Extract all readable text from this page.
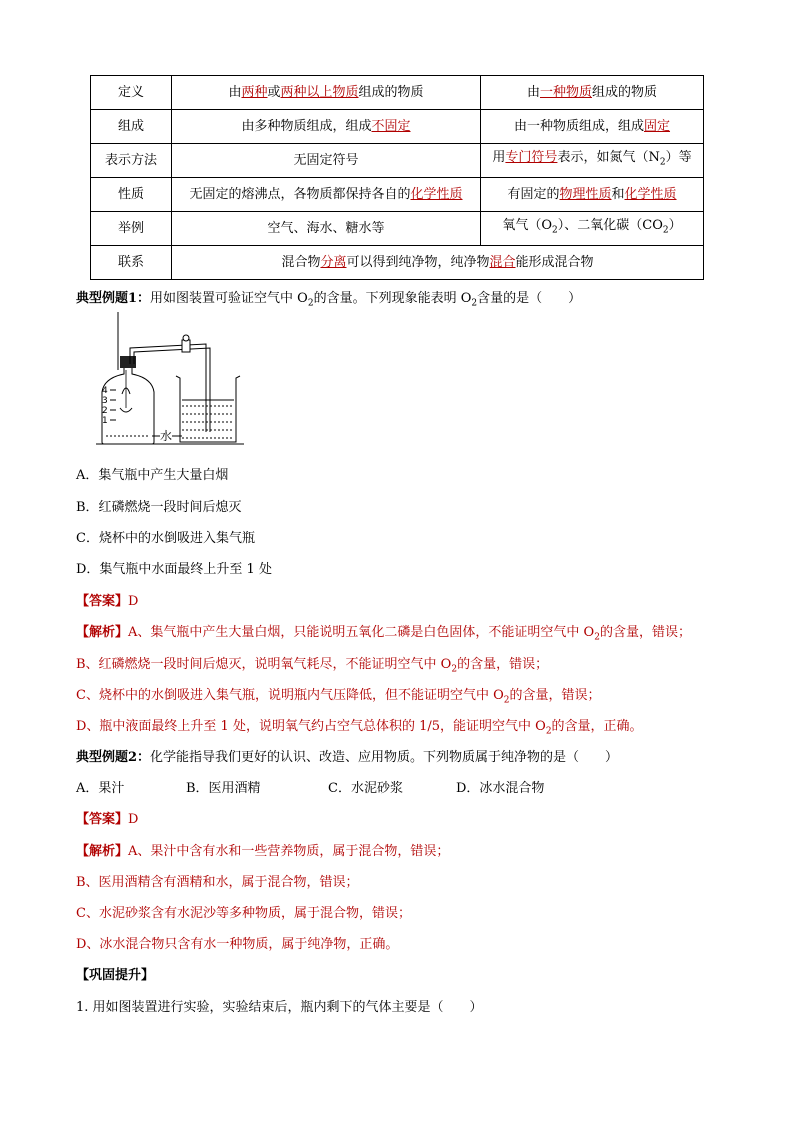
定义	由两种或两种以上物质组成的物质	由一种物质组成的物质
组成	由多种物质组成，组成不固定	由一种物质组成，组成固定
表示方法	无固定符号	用专门符号表示，如氮气$(N_2)$等
性质	无固定的熔沸点，各物质都保持各自的化学性质	有固定的物理性质和化学性质
举例	空气、海水、糖水等	氧气$(O_2)$、二氧化碳$(CO_2)$
联系	混合物分离可以得到纯净物，纯净物混合能形成混合物	
典型例题1：用如图装置可验证空气中 $O_2$的含量。下列现象能表明 $O_2$含量的是（　　）
4
3
2
1
水
A．集气瓶中产生大量白烟
B．红磷燃烧一段时间后熄灭
C．烧杯中的水倒吸进入集气瓶
D．集气瓶中水面最终上升至 1 处
【答案】D
【解析】A、集气瓶中产生大量白烟，只能说明五氧化二磷是白色固体，不能证明空气中 $O_2$的含量，错误；
B、红磷燃烧一段时间后熄灭，说明氧气耗尽，不能证明空气中 $O_2$的含量，错误；
C、烧杯中的水倒吸进入集气瓶，说明瓶内气压降低，但不能证明空气中 $O_2$的含量，错误；
D、瓶中液面最终上升至 1 处，说明氧气约占空气总体积的 1/5，能证明空气中 $O_2$的含量，正确。
典型例题2：化学能指导我们更好的认识、改造、应用物质。下列物质属于纯净物的是（　　）
A．果汁	B．医用酒精	C．水泥砂浆	D．冰水混合物
【答案】D
【解析】A、果汁中含有水和一些营养物质，属于混合物，错误；
B、医用酒精含有酒精和水，属于混合物，错误；
C、水泥砂浆含有水泥沙等多种物质，属于混合物，错误；
D、冰水混合物只含有水一种物质，属于纯净物，正确。
【巩固提升】
1. 用如图装置进行实验，实验结束后，瓶内剩下的气体主要是（　　）
